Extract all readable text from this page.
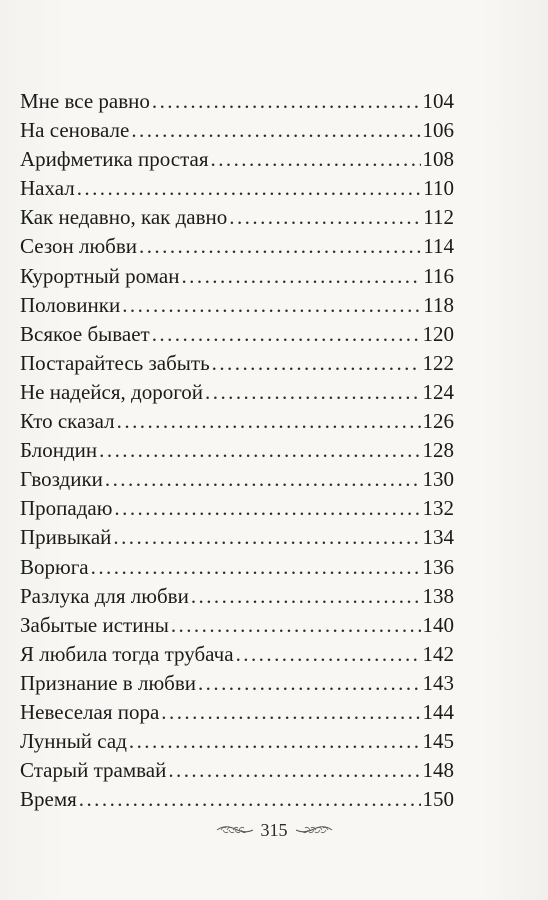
Мне все равно . . .	104
На сеновале . . .	106
Арифметика простая . . .	108
Нахал . . .	110
Как недавно, как давно . . .	112
Сезон любви . . .	114
Курортный роман . . .	116
Половинки . . .	118
Всякое бывает . . .	120
Постарайтесь забыть . . .	122
Не надейся, дорогой . . .	124
Кто сказал . . .	126
Блондин . . .	128
Гвоздики . . .	130
Пропадаю . . .	132
Привыкай . . .	134
Ворюга . . .	136
Разлука для любви . . .	138
Забытые истины . . .	140
Я любила тогда трубача . . .	142
Признание в любви . . .	143
Невеселая пора . . .	144
Лунный сад . . .	145
Старый трамвай . . .	148
Время . . .	150
315
